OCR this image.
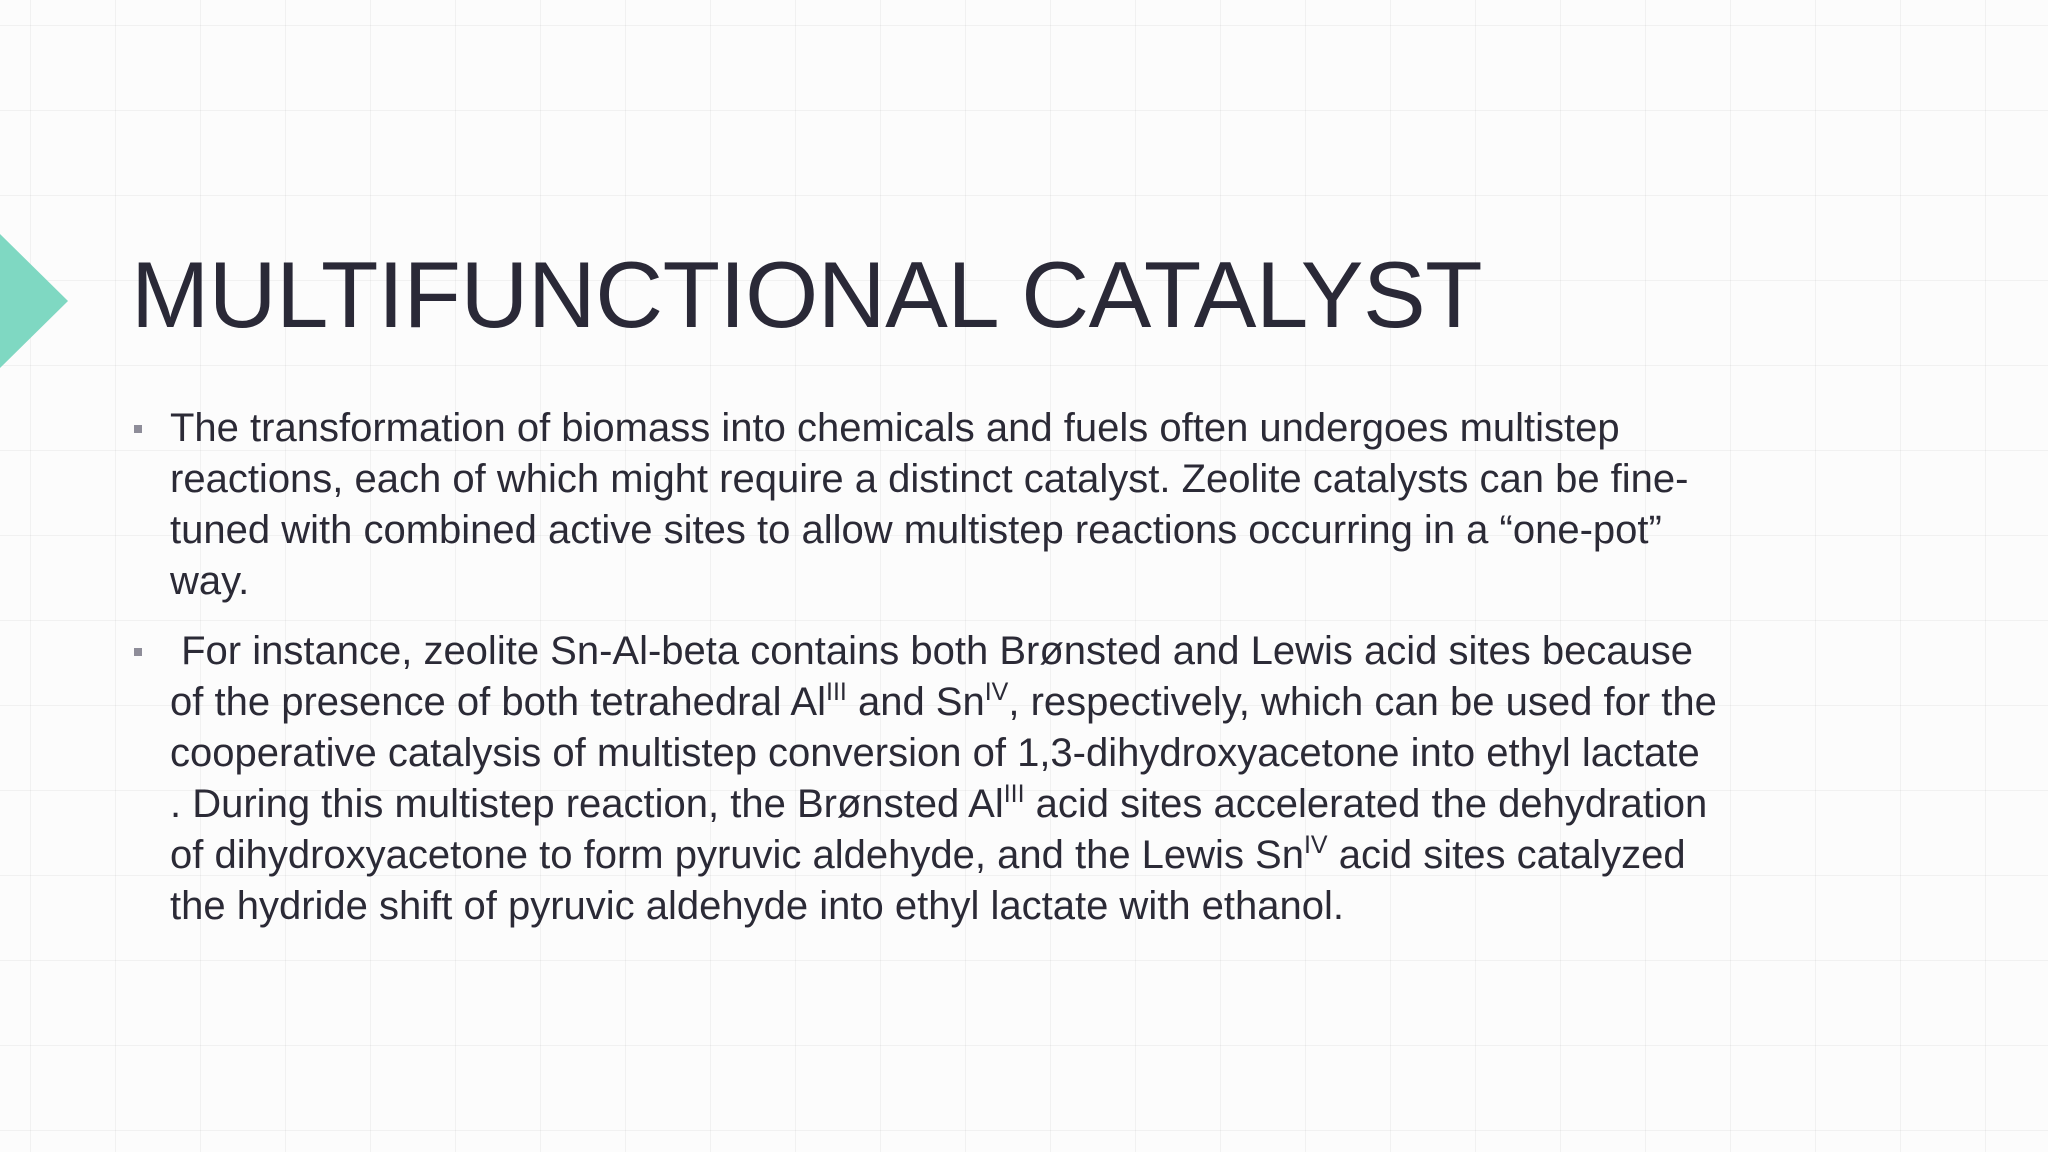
MULTIFUNCTIONAL CATALYST
The transformation of biomass into chemicals and fuels often undergoes multistep
reactions, each of which might require a distinct catalyst. Zeolite catalysts can be fine-
tuned with combined active sites to allow multistep reactions occurring in a “one-pot”
way.
For instance, zeolite Sn-Al-beta contains both Brønsted and Lewis acid sites because
of the presence of both tetrahedral $Al^{III}$ and $Sn^{IV}$, respectively, which can be used for the
cooperative catalysis of multistep conversion of 1,3-dihydroxyacetone into ethyl lactate
. During this multistep reaction, the Brønsted $Al^{III}$ acid sites accelerated the dehydration
of dihydroxyacetone to form pyruvic aldehyde, and the Lewis $Sn^{IV}$ acid sites catalyzed
the hydride shift of pyruvic aldehyde into ethyl lactate with ethanol.
